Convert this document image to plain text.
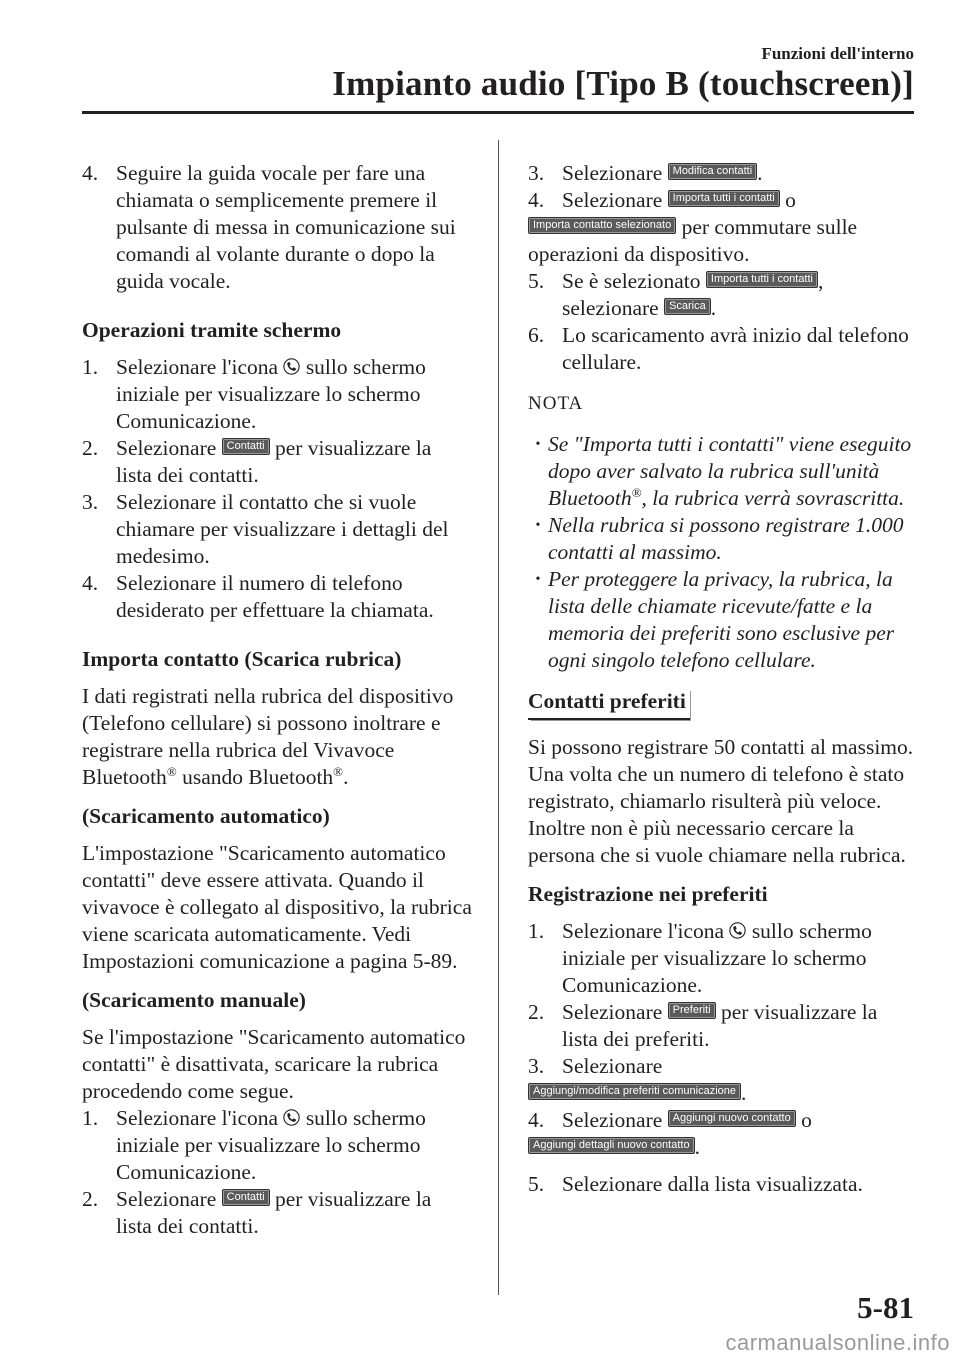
Funzioni dell'interno
Impianto audio [Tipo B (touchscreen)]
4. Seguire la guida vocale per fare una chiamata o semplicemente premere il pulsante di messa in comunicazione sui comandi al volante durante o dopo la guida vocale.
Operazioni tramite schermo
1. Selezionare l'icona  sullo schermo iniziale per visualizzare lo schermo Comunicazione.
2. Selezionare Contatti per visualizzare la lista dei contatti.
3. Selezionare il contatto che si vuole chiamare per visualizzare i dettagli del medesimo.
4. Selezionare il numero di telefono desiderato per effettuare la chiamata.
Importa contatto (Scarica rubrica)
I dati registrati nella rubrica del dispositivo (Telefono cellulare) si possono inoltrare e registrare nella rubrica del Vivavoce Bluetooth® usando Bluetooth®.
(Scaricamento automatico)
L'impostazione "Scaricamento automatico contatti" deve essere attivata. Quando il vivavoce è collegato al dispositivo, la rubrica viene scaricata automaticamente. Vedi Impostazioni comunicazione a pagina 5-89.
(Scaricamento manuale)
Se l'impostazione "Scaricamento automatico contatti" è disattivata, scaricare la rubrica procedendo come segue.
1. Selezionare l'icona  sullo schermo iniziale per visualizzare lo schermo Comunicazione.
2. Selezionare Contatti per visualizzare la lista dei contatti.
3. Selezionare Modifica contatti .
4. Selezionare Importa tutti i contatti o
Importa contatto selezionato per commutare sulle operazioni da dispositivo.
5. Se è selezionato Importa tutti i contatti ,
selezionare Scarica .
6. Lo scaricamento avrà inizio dal telefono cellulare.
NOTA
• Se "Importa tutti i contatti" viene eseguito dopo aver salvato la rubrica sull'unità Bluetooth®, la rubrica verrà sovrascritta.
• Nella rubrica si possono registrare 1.000 contatti al massimo.
• Per proteggere la privacy, la rubrica, la lista delle chiamate ricevute/fatte e la memoria dei preferiti sono esclusive per ogni singolo telefono cellulare.
Contatti preferiti
Si possono registrare 50 contatti al massimo. Una volta che un numero di telefono è stato registrato, chiamarlo risulterà più veloce. Inoltre non è più necessario cercare la persona che si vuole chiamare nella rubrica.
Registrazione nei preferiti
1. Selezionare l'icona  sullo schermo iniziale per visualizzare lo schermo Comunicazione.
2. Selezionare Preferiti per visualizzare la lista dei preferiti.
3. Selezionare
Aggiungi/modifica preferiti comunicazione .
4. Selezionare Aggiungi nuovo contatto o
Aggiungi dettagli nuovo contatto .
5. Selezionare dalla lista visualizzata.
5-81
carmanualsonline.info
